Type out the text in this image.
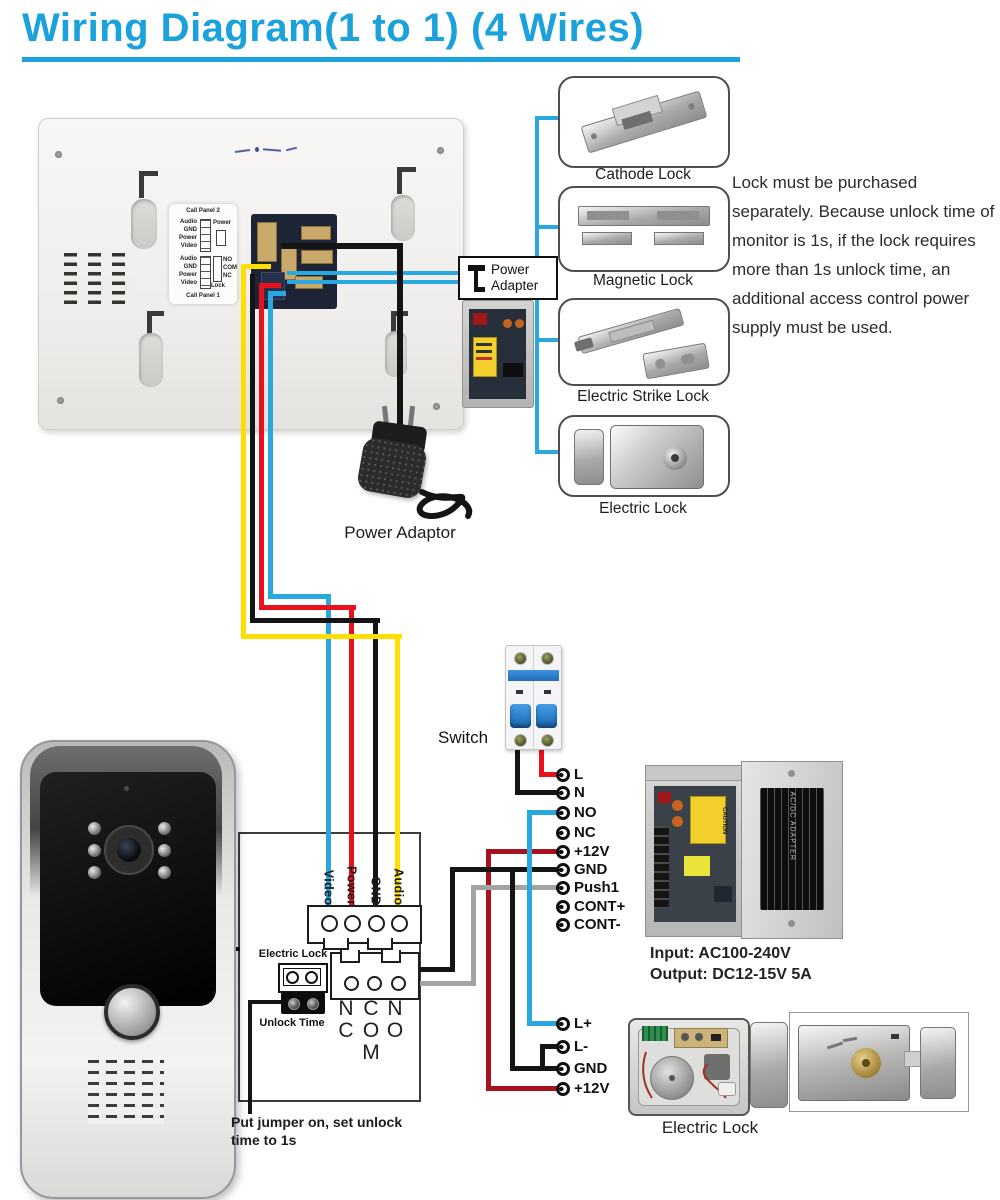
Wiring Diagram(1 to 1) (4 Wires)
Call Panel 2
Audio
GND
Power
Video
Power
Audio
GND
Power
Video
NO
COM
NC
Lock
Call Panel 1
Cathode Lock
Magnetic Lock
Electric Strike Lock
Electric Lock
Lock must be purchased separately. Because unlock time of monitor is 1s, if the lock requires more than 1s unlock time, an additional access control power supply must be used.
Power
Adapter
Power Adaptor
Switch
L
N
NO
NC
+12V
GND
Push1
CONT+
CONT-
CAUTION	AC/DC ADAPTER
Input: AC100-240V
Output: DC12-15V 5A
Video Power GND Audio
Electric Lock
Unlock Time
N
C
C
O
M
N
O
Put jumper on, set unlock
time to 1s
L+
L-
GND
+12V
Electric Lock
